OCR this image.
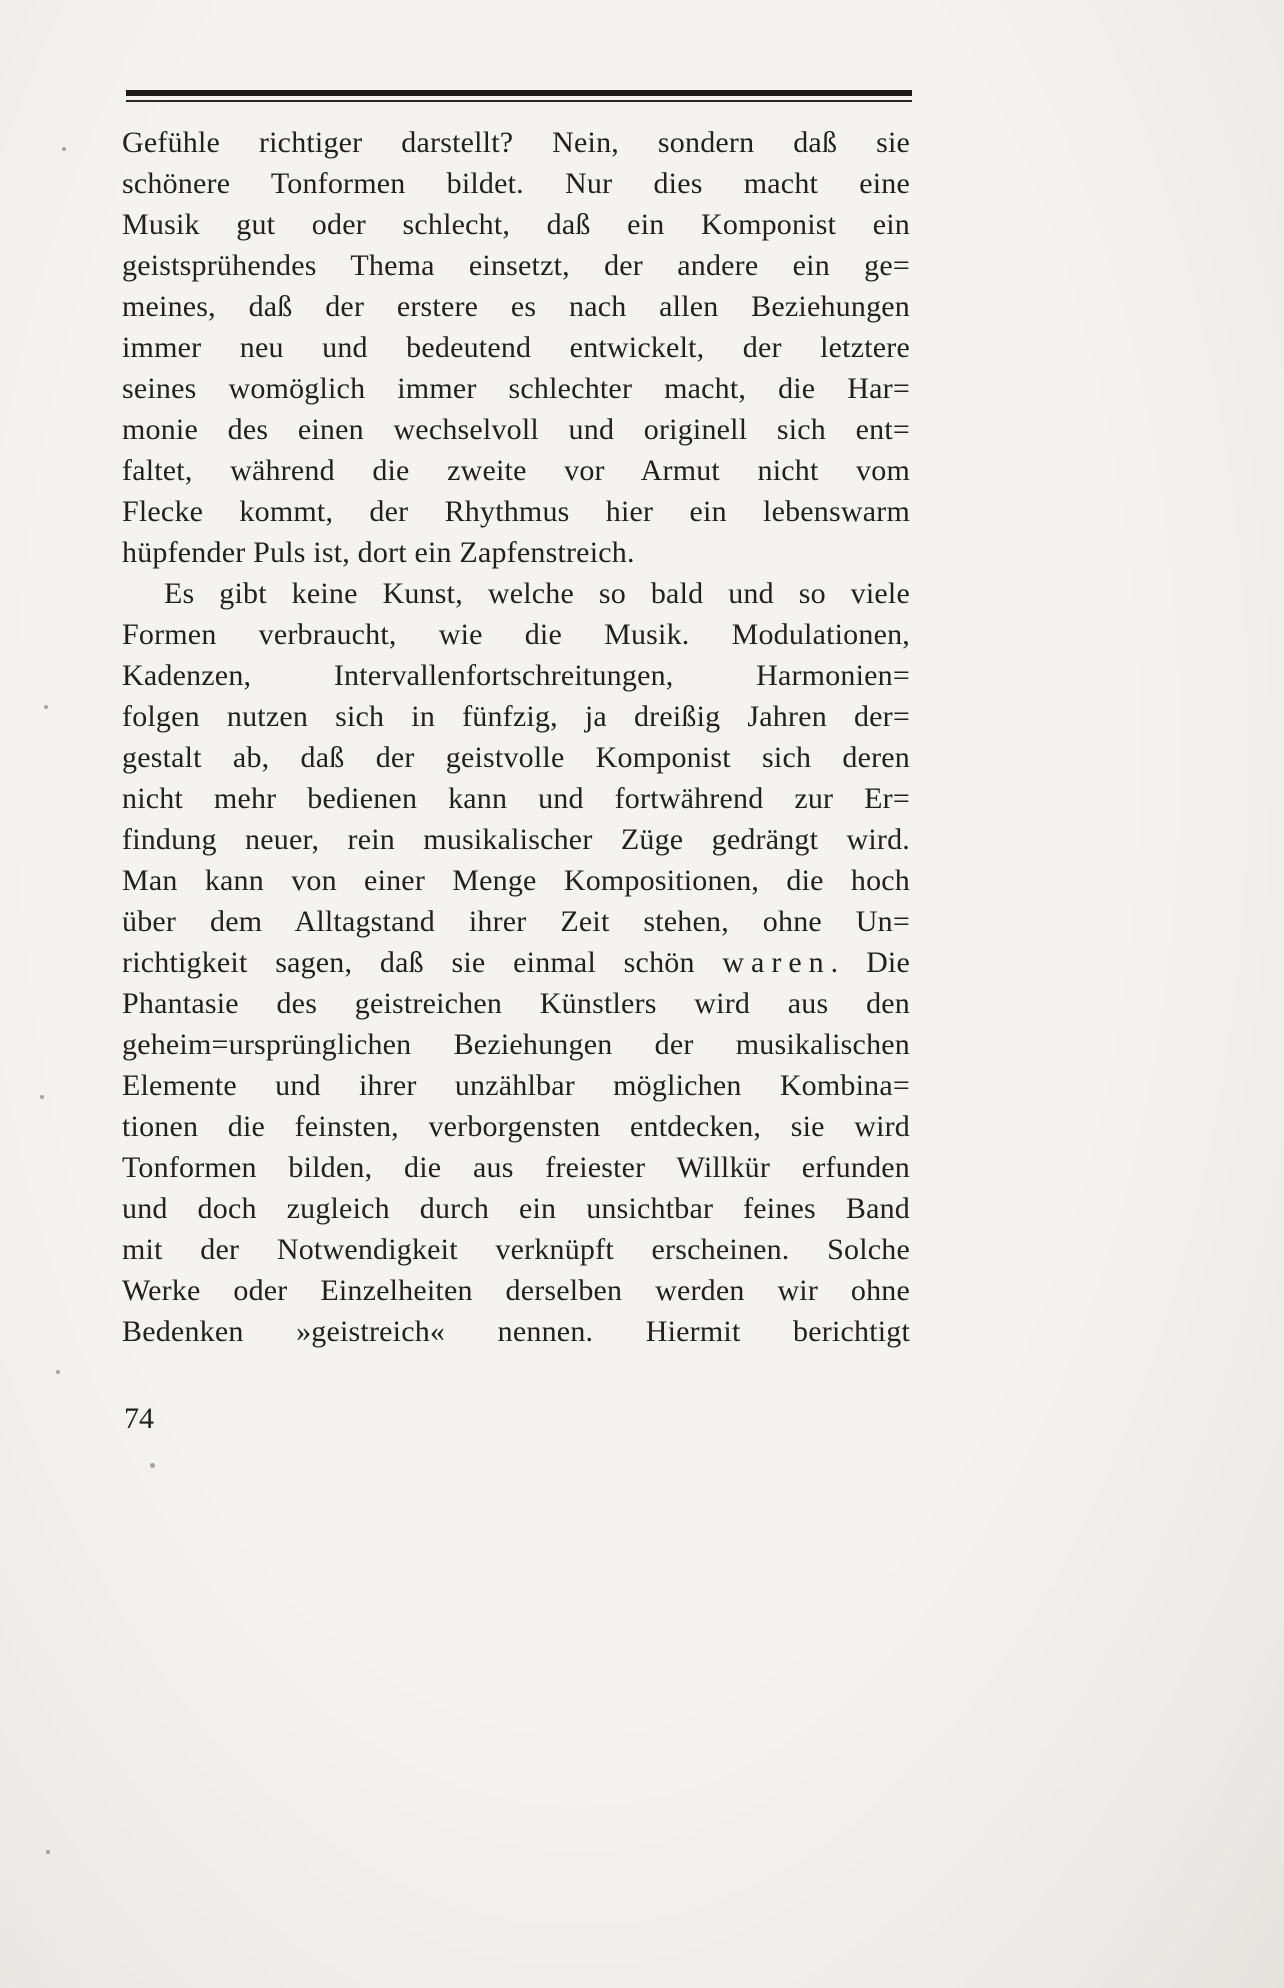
Gefühle richtiger darstellt? Nein, sondern daß sie
schönere Tonformen bildet. Nur dies macht eine
Musik gut oder schlecht, daß ein Komponist ein
geistsprühendes Thema einsetzt, der andere ein ge=
meines, daß der erstere es nach allen Beziehungen
immer neu und bedeutend entwickelt, der letztere
seines womöglich immer schlechter macht, die Har=
monie des einen wechselvoll und originell sich ent=
faltet, während die zweite vor Armut nicht vom
Flecke kommt, der Rhythmus hier ein lebenswarm
hüpfender Puls ist, dort ein Zapfenstreich.
Es gibt keine Kunst, welche so bald und so viele
Formen verbraucht, wie die Musik. Modulationen,
Kadenzen, Intervallenfortschreitungen, Harmonien=
folgen nutzen sich in fünfzig, ja dreißig Jahren der=
gestalt ab, daß der geistvolle Komponist sich deren
nicht mehr bedienen kann und fortwährend zur Er=
findung neuer, rein musikalischer Züge gedrängt wird.
Man kann von einer Menge Kompositionen, die hoch
über dem Alltagstand ihrer Zeit stehen, ohne Un=
richtigkeit sagen, daß sie einmal schön waren. Die
Phantasie des geistreichen Künstlers wird aus den
geheim=ursprünglichen Beziehungen der musikalischen
Elemente und ihrer unzählbar möglichen Kombina=
tionen die feinsten, verborgensten entdecken, sie wird
Tonformen bilden, die aus freiester Willkür erfunden
und doch zugleich durch ein unsichtbar feines Band
mit der Notwendigkeit verknüpft erscheinen. Solche
Werke oder Einzelheiten derselben werden wir ohne
Bedenken »geistreich« nennen. Hiermit berichtigt
74
